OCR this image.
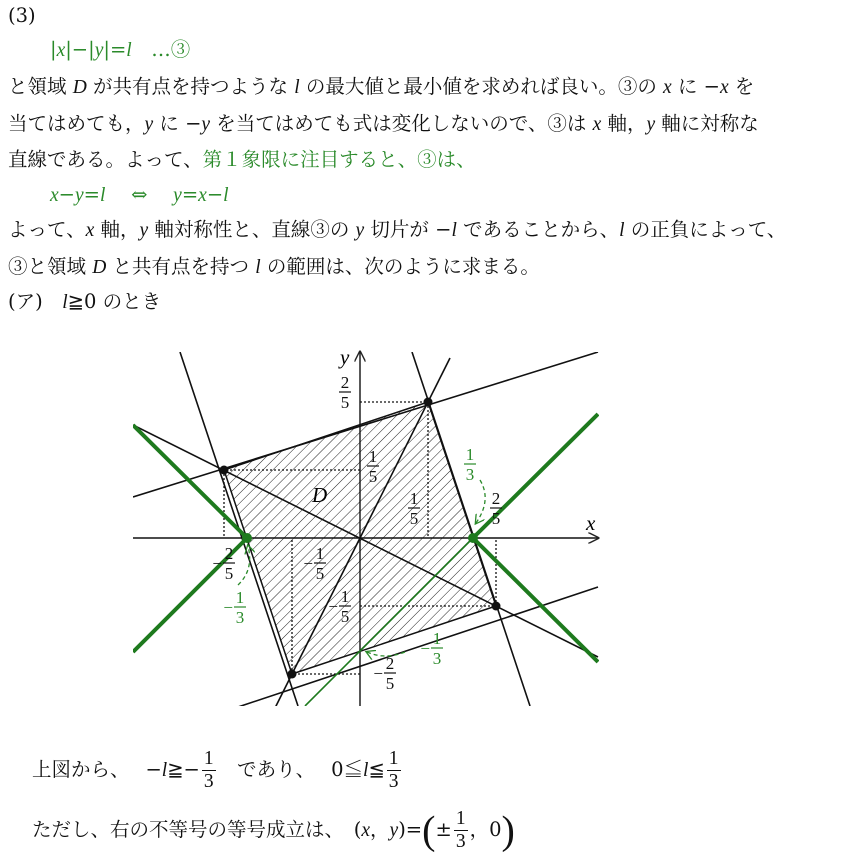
(3)
|x|−|y|=l　…③
と領域 D が共有点を持つような l の最大値と最小値を求めれば良い。③の x に −x を
当てはめても，y に −y を当てはめても式は変化しないので、③は x 軸，y 軸に対称な
直線である。よって、第１象限に注目すると、③は、
x−y=l　 ⇔　 y=x−l
よって、x 軸，y 軸対称性と、直線③の y 切片が −l であることから、l の正負によって、
③と領域 D と共有点を持つ l の範囲は、次のように求まる。
(ア)　l≧0 のとき
上図から、　 −l≧− $\frac{1}{3}$ 　であり、　 0≦l≦ $\frac{1}{3}$
ただし、右の不等号の等号成立は、　(x，$y)=(\pm \frac{1}{3}$ ，0)
x
y
D
2
5
1
5
1
5
1
3
2
5
2
5
−
1
5
−
1
5
−
1
3
−
1
3
−
2
5
−
